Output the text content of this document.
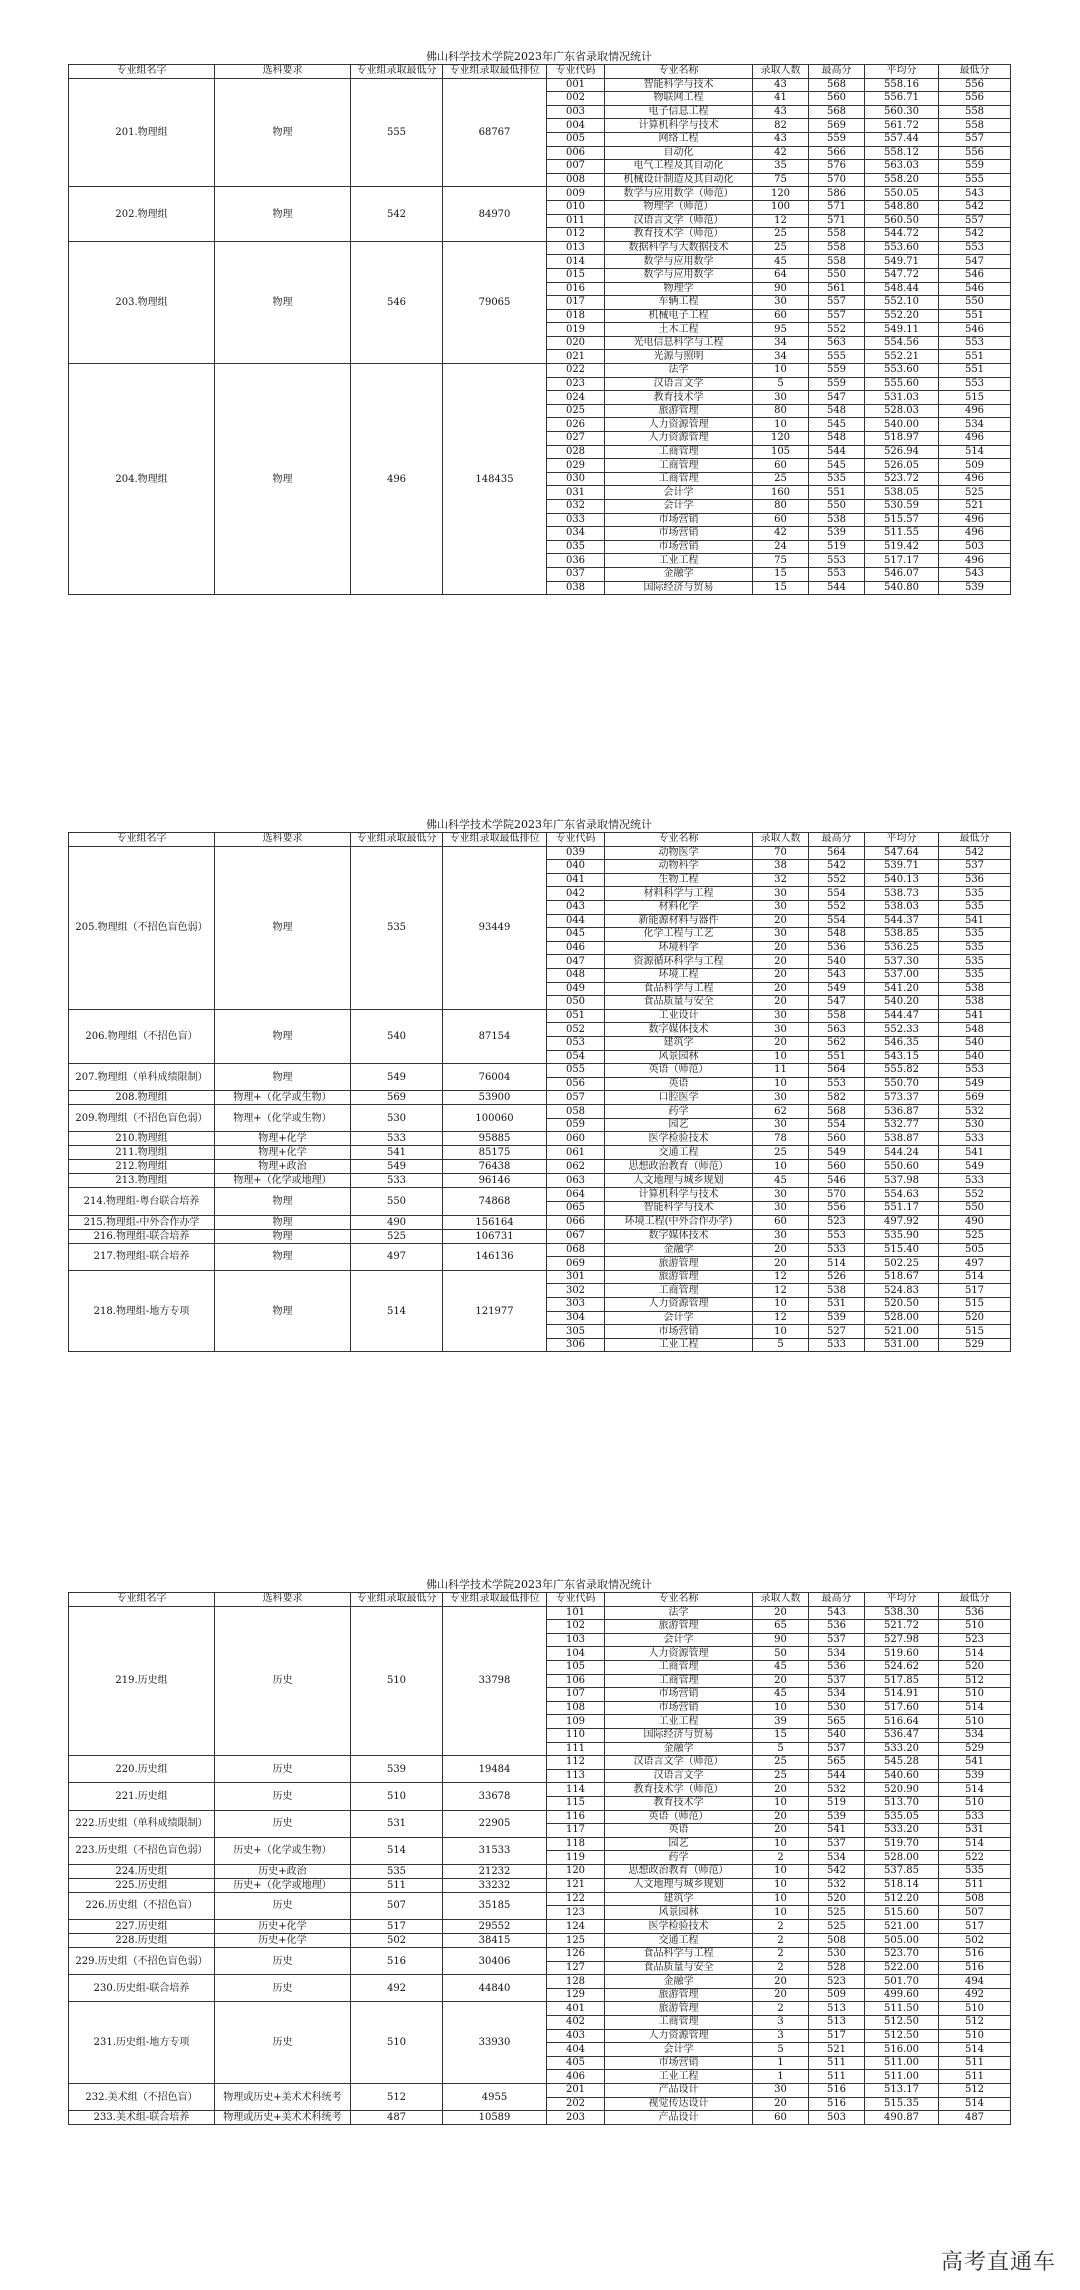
佛山科学技术学院2023年广东省录取情况统计
专业组名字	选科要求	专业组录取最低分	专业组录取最低排位	专业代码	专业名称	录取人数	最高分	平均分	最低分
201.物理组	物理	555	68767	001	智能科学与技术	43	568	558.16	556
				002	物联网工程	41	560	556.71	556
				003	电子信息工程	43	568	560.30	558
				004	计算机科学与技术	82	569	561.72	558
				005	网络工程	43	559	557.44	557
				006	自动化	42	566	558.12	556
				007	电气工程及其自动化	35	576	563.03	559
				008	机械设计制造及其自动化	75	570	558.20	555
202.物理组	物理	542	84970	009	数学与应用数学（师范）	120	586	550.05	543
				010	物理学（师范）	100	571	548.80	542
				011	汉语言文学（师范）	12	571	560.50	557
				012	教育技术学（师范）	25	558	544.72	542
203.物理组	物理	546	79065	013	数据科学与大数据技术	25	558	553.60	553
				014	数学与应用数学	45	558	549.71	547
				015	数学与应用数学	64	550	547.72	546
				016	物理学	90	561	548.44	546
				017	车辆工程	30	557	552.10	550
				018	机械电子工程	60	557	552.20	551
				019	土木工程	95	552	549.11	546
				020	光电信息科学与工程	34	563	554.56	553
				021	光源与照明	34	555	552.21	551
204.物理组	物理	496	148435	022	法学	10	559	553.60	551
				023	汉语言文学	5	559	555.60	553
				024	教育技术学	30	547	531.03	515
				025	旅游管理	80	548	528.03	496
				026	人力资源管理	10	545	540.00	534
				027	人力资源管理	120	548	518.97	496
				028	工商管理	105	544	526.94	514
				029	工商管理	60	545	526.05	509
				030	工商管理	25	535	523.72	496
				031	会计学	160	551	538.05	525
				032	会计学	80	550	530.59	521
				033	市场营销	60	538	515.57	496
				034	市场营销	42	539	511.55	496
				035	市场营销	24	519	519.42	503
				036	工业工程	75	553	517.17	496
				037	金融学	15	553	546.07	543
				038	国际经济与贸易	15	544	540.80	539
佛山科学技术学院2023年广东省录取情况统计
专业组名字	选科要求	专业组录取最低分	专业组录取最低排位	专业代码	专业名称	录取人数	最高分	平均分	最低分
205.物理组（不招色盲色弱）	物理	535	93449	039	动物医学	70	564	547.64	542
				040	动物科学	38	542	539.71	537
				041	生物工程	32	552	540.13	536
				042	材料科学与工程	30	554	538.73	535
				043	材料化学	30	552	538.03	535
				044	新能源材料与器件	20	554	544.37	541
				045	化学工程与工艺	30	548	538.85	535
				046	环境科学	20	536	536.25	535
				047	资源循环科学与工程	20	540	537.30	535
				048	环境工程	20	543	537.00	535
				049	食品科学与工程	20	549	541.20	538
				050	食品质量与安全	20	547	540.20	538
206.物理组（不招色盲）	物理	540	87154	051	工业设计	30	558	544.47	541
				052	数字媒体技术	30	563	552.33	548
				053	建筑学	20	562	546.35	540
				054	风景园林	10	551	543.15	540
207.物理组（单科成绩限制）	物理	549	76004	055	英语（师范）	11	564	555.82	553
				056	英语	10	553	550.70	549
208.物理组	物理+（化学或生物）	569	53900	057	口腔医学	30	582	573.37	569
209.物理组（不招色盲色弱）	物理+（化学或生物）	530	100060	058	药学	62	568	536.87	532
				059	园艺	30	554	532.77	530
210.物理组	物理+化学	533	95885	060	医学检验技术	78	560	538.87	533
211.物理组	物理+化学	541	85175	061	交通工程	25	549	544.24	541
212.物理组	物理+政治	549	76438	062	思想政治教育（师范）	10	560	550.60	549
213.物理组	物理+（化学或地理）	533	96146	063	人文地理与城乡规划	45	546	537.98	533
214.物理组-粤台联合培养	物理	550	74868	064	计算机科学与技术	30	570	554.63	552
				065	智能科学与技术	30	556	551.17	550
215.物理组-中外合作办学	物理	490	156164	066	环境工程(中外合作办学)	60	523	497.92	490
216.物理组-联合培养	物理	525	106731	067	数字媒体技术	30	553	535.90	525
217.物理组-联合培养	物理	497	146136	068	金融学	20	533	515.40	505
				069	旅游管理	20	514	502.25	497
218.物理组-地方专项	物理	514	121977	301	旅游管理	12	526	518.67	514
				302	工商管理	12	538	524.83	517
				303	人力资源管理	10	531	520.50	515
				304	会计学	12	539	528.00	520
				305	市场营销	10	527	521.00	515
				306	工业工程	5	533	531.00	529
佛山科学技术学院2023年广东省录取情况统计
专业组名字	选科要求	专业组录取最低分	专业组录取最低排位	专业代码	专业名称	录取人数	最高分	平均分	最低分
219.历史组	历史	510	33798	101	法学	20	543	538.30	536
				102	旅游管理	65	536	521.72	510
				103	会计学	90	537	527.98	523
				104	人力资源管理	50	534	519.60	514
				105	工商管理	45	536	524.62	520
				106	工商管理	20	537	517.85	512
				107	市场营销	45	534	514.91	510
				108	市场营销	10	530	517.60	514
				109	工业工程	39	565	516.64	510
				110	国际经济与贸易	15	540	536.47	534
				111	金融学	5	537	533.20	529
220.历史组	历史	539	19484	112	汉语言文学（师范）	25	565	545.28	541
				113	汉语言文学	25	544	540.60	539
221.历史组	历史	510	33678	114	教育技术学（师范）	20	532	520.90	514
				115	教育技术学	10	519	513.70	510
222.历史组（单科成绩限制）	历史	531	22905	116	英语（师范）	20	539	535.05	533
				117	英语	20	541	533.20	531
223.历史组（不招色盲色弱）	历史+（化学或生物）	514	31533	118	园艺	10	537	519.70	514
				119	药学	2	534	528.00	522
224.历史组	历史+政治	535	21232	120	思想政治教育（师范）	10	542	537.85	535
225.历史组	历史+（化学或地理）	511	33232	121	人文地理与城乡规划	10	532	518.14	511
226.历史组（不招色盲）	历史	507	35185	122	建筑学	10	520	512.20	508
				123	风景园林	10	525	515.60	507
227.历史组	历史+化学	517	29552	124	医学检验技术	2	525	521.00	517
228.历史组	历史+化学	502	38415	125	交通工程	2	508	505.00	502
229.历史组（不招色盲色弱）	历史	516	30406	126	食品科学与工程	2	530	523.70	516
				127	食品质量与安全	2	528	522.00	516
230.历史组-联合培养	历史	492	44840	128	金融学	20	523	501.70	494
				129	旅游管理	20	509	499.60	492
231.历史组-地方专项	历史	510	33930	401	旅游管理	2	513	511.50	510
				402	工商管理	3	513	512.50	512
				403	人力资源管理	3	517	512.50	510
				404	会计学	5	521	516.00	514
				405	市场营销	1	511	511.00	511
				406	工业工程	1	511	511.00	511
232.美术组（不招色盲）	物理或历史+美术术科统考	512	4955	201	产品设计	30	516	513.17	512
				202	视觉传达设计	20	516	515.35	514
233.美术组-联合培养	物理或历史+美术术科统考	487	10589	203	产品设计	60	503	490.87	487
高考直通车
